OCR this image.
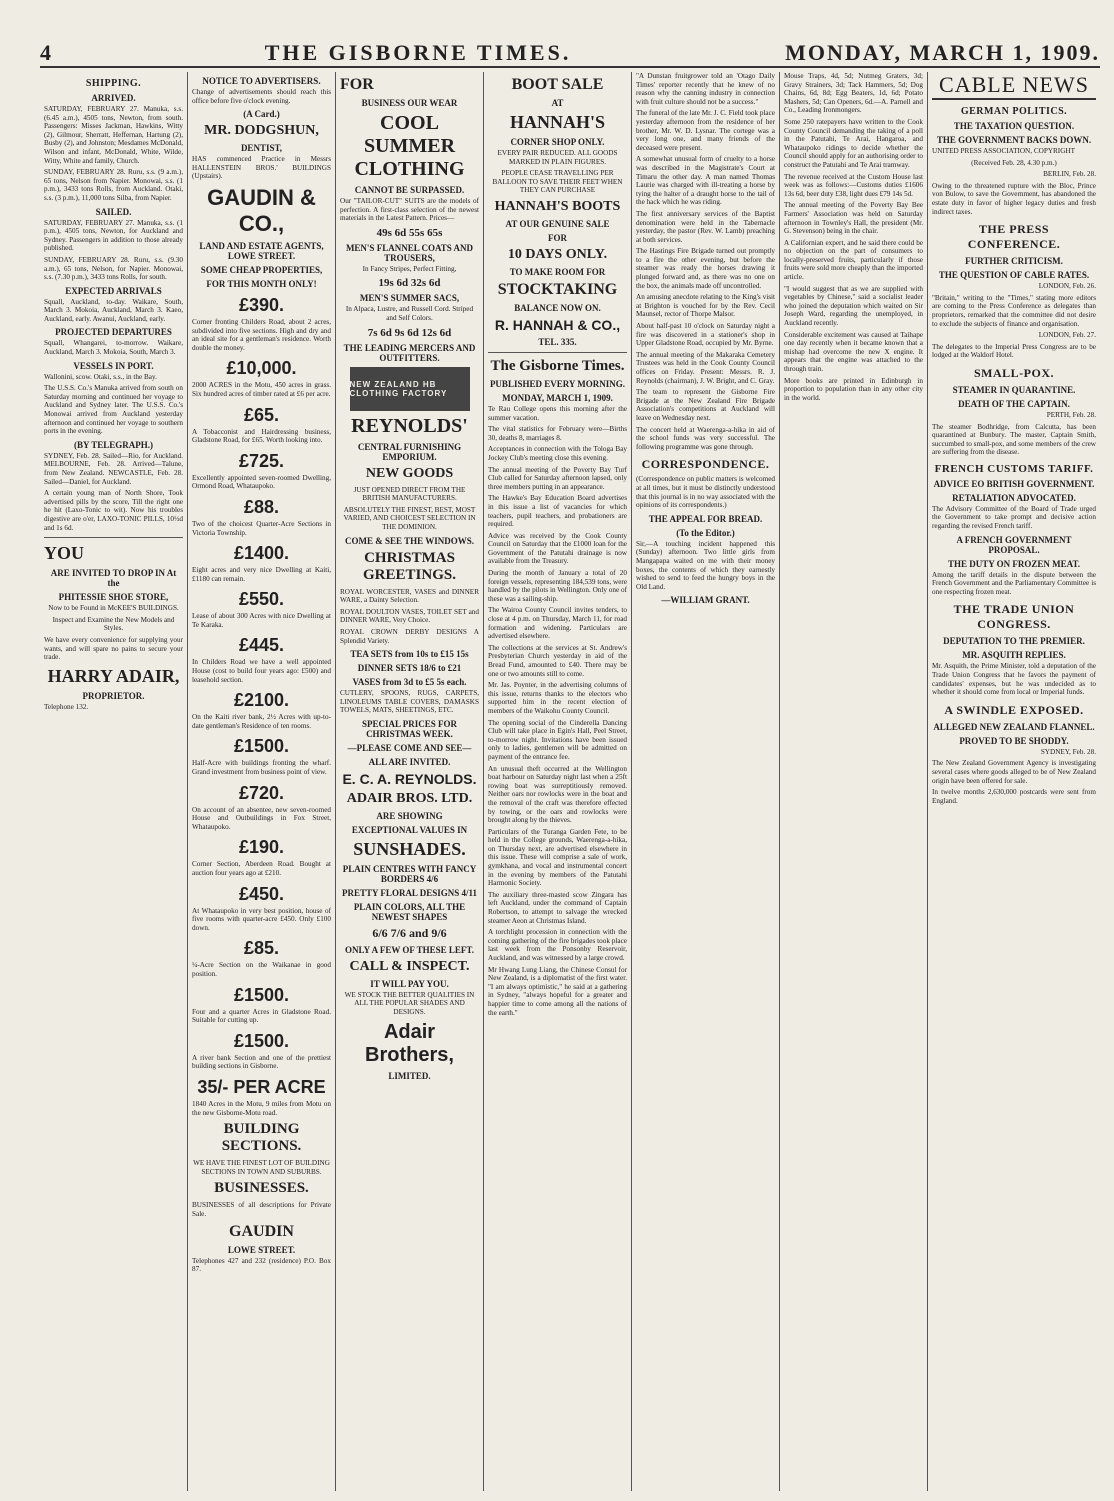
4	THE GISBORNE TIMES.	MONDAY, MARCH 1, 1909.
SHIPPING.
ARRIVED.

SATURDAY, FEBRUARY 27. Manuka, s.s. (6.45 a.m.), 4505 tons, Newton, from south. Passengers: Misses Jackman, Hawkins, Witty (2), Gilmour, Sherratt, Heffernan, Hartung (2), Busby (2), and Johnston; Mesdames McDonald, Wilson and infant, McDonald, White, Wilde, Witty, White and family, Church.

SUNDAY, FEBRUARY 28. Ruru, s.s. (9 a.m.), 65 tons, Nelson from Napier. Monowai, s.s. (1 p.m.), 3433 tons Rolls, from Auckland. Otaki, s.s. (3 p.m.), 11,000 tons Silba, from Napier.

SAILED.

SATURDAY, FEBRUARY 27. Manuka, s.s. (1 p.m.), 4505 tons, Newton, for Auckland and Sydney. Passengers in addition to those already published.

SUNDAY, FEBRUARY 28. Ruru, s.s. (9.30 a.m.), 65 tons, Nelson, for Napier. Monowai, s.s. (7.30 p.m.), 3433 tons Rolls, for south.

EXPECTED ARRIVALS

Squall, Auckland, to-day. Waikare, South, March 3. Mokoia, Auckland, March 3. Kaeo, Auckland, early. Awanui, Auckland, early.

PROJECTED DEPARTURES

Squall, Whangarei, to-morrow. Waikare, Auckland, March 3. Mokoia, South, March 3.

VESSELS IN PORT.

Wallonini, scow. Otaki, s.s., in the Bay.

The U.S.S. Co.'s Manuka arrived from south on Saturday morning and continued her voyage to Auckland and Sydney later. The U.S.S. Co.'s Monowai arrived from Auckland yesterday afternoon and continued her voyage to southern ports in the evening.

(BY TELEGRAPH.)

SYDNEY, Feb. 28. Sailed—Rio, for Auckland. MELBOURNE, Feb. 28. Arrived—Talune, from New Zealand. NEWCASTLE, Feb. 28. Sailed—Daniel, for Auckland.

A certain young man of North Shore, Took advertised pills by the score, Till the right one he hit (Laxo-Tonic to wit). Now his troubles digestive are o'er, LAXO-TONIC PILLS, 10½d and 1s 6d.

YOU
ARE INVITED TO DROP IN At the
PHITESSIE SHOE STORE,

Now to be Found in McKEE'S BUILDINGS.

Inspect and Examine the New Models and Styles.

We have every convenience for supplying your wants, and will spare no pains to secure your trade.

HARRY ADAIR,
PROPRIETOR.

Telephone 132.

NOTICE TO ADVERTISERS.

Change of advertisements should reach this office before five o'clock evening.

(A Card.)
MR. DODGSHUN,
DENTIST,

HAS commenced Practice in Messrs HALLENSTEIN BROS.' BUILDINGS (Upstairs).

GAUDIN & CO.,
LAND AND ESTATE AGENTS, LOWE STREET.
SOME CHEAP PROPERTIES,
FOR THIS MONTH ONLY!
£390.

Corner fronting Childers Road, about 2 acres, subdivided into five sections. High and dry and an ideal site for a gentleman's residence. Worth double the money.

£10,000.

2000 ACRES in the Motu, 450 acres in grass. Six hundred acres of timber rated at £6 per acre.

£65.

A Tobacconist and Hairdressing business, Gladstone Road, for £65. Worth looking into.

£725.

Excellently appointed seven-roomed Dwelling, Ormond Road, Whataupoko.

£88.

Two of the choicest Quarter-Acre Sections in Victoria Township.

£1400.

Eight acres and very nice Dwelling at Kaiti, £1180 can remain.

£550.

Lease of about 300 Acres with nice Dwelling at Te Karaka.

£445.

In Childers Road we have a well appointed House (cost to build four years ago: £500) and leasehold section.

£2100.

On the Kaiti river bank, 2½ Acres with up-to-date gentleman's Residence of ten rooms.

£1500.

Half-Acre with buildings fronting the wharf. Grand investment from business point of view.

£720.

On account of an absentee, new seven-roomed House and Outbuildings in Fox Street, Whataupoko.

£190.

Corner Section, Aberdeen Road. Bought at auction four years ago at £210.

£450.

At Whataupoko in very best position, house of five rooms with quarter-acre £450. Only £100 down.

£85.

¼-Acre Section on the Waikanae in good position.

£1500.

Four and a quarter Acres in Gladstone Road. Suitable for cutting up.

£1500.

A river bank Section and one of the prettiest building sections in Gisborne.

35/- PER ACRE

1840 Acres in the Motu, 9 miles from Motu on the new Gisborne-Motu road.

BUILDING SECTIONS.

WE HAVE THE FINEST LOT OF BUILDING SECTIONS IN TOWN AND SUBURBS.

BUSINESSES.

BUSINESSES of all descriptions for Private Sale.

GAUDIN
LOWE STREET.

Telephones 427 and 232 (residence) P.O. Box 87.

FOR
BUSINESS OUR WEAR
COOL SUMMER CLOTHING
CANNOT BE SURPASSED.

Our "TAILOR-CUT" SUITS are the models of perfection. A first-class selection of the newest materials in the Latest Pattern. Prices—

49s 6d 55s 65s
MEN'S FLANNEL COATS AND TROUSERS,

In Fancy Stripes, Perfect Fitting,

19s 6d 32s 6d
MEN'S SUMMER SACS,

In Alpaca, Lustre, and Russell Cord. Striped and Self Colors.

7s 6d 9s 6d 12s 6d
THE LEADING MERCERS AND OUTFITTERS.
NEW ZEALAND HB CLOTHING FACTORY
REYNOLDS'
CENTRAL FURNISHING EMPORIUM.
NEW GOODS

JUST OPENED DIRECT FROM THE BRITISH MANUFACTURERS.

ABSOLUTELY THE FINEST, BEST, MOST VARIED, AND CHOICEST SELECTION IN THE DOMINION.

COME & SEE THE WINDOWS.
CHRISTMAS GREETINGS.

ROYAL WORCESTER, VASES and DINNER WARE, a Dainty Selection.

ROYAL DOULTON VASES, TOILET SET and DINNER WARE, Very Choice.

ROYAL CROWN DERBY DESIGNS A Splendid Variety.

TEA SETS from 10s to £15 15s
DINNER SETS 18/6 to £21
VASES from 3d to £5 5s each.

CUTLERY, SPOONS, RUGS, CARPETS, LINOLEUMS TABLE COVERS, DAMASKS TOWELS, MATS, SHEETINGS, ETC.

SPECIAL PRICES FOR CHRISTMAS WEEK.
—PLEASE COME AND SEE—
ALL ARE INVITED.
E. C. A. REYNOLDS.
ADAIR BROS. LTD.
ARE SHOWING
EXCEPTIONAL VALUES IN
SUNSHADES.
PLAIN CENTRES WITH FANCY BORDERS 4/6
PRETTY FLORAL DESIGNS 4/11
PLAIN COLORS, ALL THE NEWEST SHAPES
6/6 7/6 and 9/6
ONLY A FEW OF THESE LEFT.
CALL & INSPECT.
IT WILL PAY YOU.

WE STOCK THE BETTER QUALITIES IN ALL THE POPULAR SHADES AND DESIGNS.

Adair Brothers,
LIMITED.
BOOT SALE
AT
HANNAH'S
CORNER SHOP ONLY.

EVERY PAIR REDUCED. ALL GOODS MARKED IN PLAIN FIGURES.

PEOPLE CEASE TRAVELLING PER BALLOON TO SAVE THEIR FEET WHEN THEY CAN PURCHASE

HANNAH'S BOOTS
AT OUR GENUINE SALE
FOR
10 DAYS ONLY.
TO MAKE ROOM FOR
STOCKTAKING
BALANCE NOW ON.
R. HANNAH & CO.,
TEL. 335.
The Gisborne Times.
PUBLISHED EVERY MORNING.
MONDAY, MARCH 1, 1909.

Te Rau College opens this morning after the summer vacation.

The vital statistics for February were—Births 30, deaths 8, marriages 8.

Acceptances in connection with the Tologa Bay Jockey Club's meeting close this evening.

The annual meeting of the Poverty Bay Turf Club called for Saturday afternoon lapsed, only three members putting in an appearance.

The Hawke's Bay Education Board advertises in this issue a list of vacancies for which teachers, pupil teachers, and probationers are required.

Advice was received by the Cook County Council on Saturday that the £1000 loan for the Government of the Patutahi drainage is now available from the Treasury.

During the month of January a total of 20 foreign vessels, representing 184,539 tons, were handled by the pilots in Wellington. Only one of these was a sailing-ship.

The Wairoa County Council invites tenders, to close at 4 p.m. on Thursday, March 11, for road formation and widening. Particulars are advertised elsewhere.

The collections at the services at St. Andrew's Presbyterian Church yesterday in aid of the Bread Fund, amounted to £40. There may be one or two amounts still to come.

Mr. Jas. Poynter, in the advertising columns of this issue, returns thanks to the electors who supported him in the recent election of members of the Waikohu County Council.

The opening social of the Cinderella Dancing Club will take place in Egin's Hall, Peel Street, to-morrow night. Invitations have been issued only to ladies, gentlemen will be admitted on payment of the entrance fee.

An unusual theft occurred at the Wellington boat harbour on Saturday night last when a 25ft rowing boat was surreptitiously removed. Neither oars nor rowlocks were in the boat and the removal of the craft was therefore effected by towing, or the oars and rowlocks were brought along by the thieves.

Particulars of the Turanga Garden Fete, to be held in the College grounds, Waerenga-a-hika, on Thursday next, are advertised elsewhere in this issue. These will comprise a sale of work, gymkhana, and vocal and instrumental concert in the evening by members of the Patutahi Harmonic Society.

The auxiliary three-masted scow Zingara has left Auckland, under the command of Captain Robertson, to attempt to salvage the wrecked steamer Aeon at Christmas Island.

A torchlight procession in connection with the coming gathering of the fire brigades took place last week from the Ponsonby Reservoir, Auckland, and was witnessed by a large crowd.

Mr Hwang Lung Liang, the Chinese Consul for New Zealand, is a diplomatist of the first water. "I am always optimistic," he said at a gathering in Sydney, "always hopeful for a greater and happier time to come among all the nations of the earth."

"A Dunstan fruitgrower told an 'Otago Daily Times' reporter recently that he knew of no reason why the canning industry in connection with fruit culture should not be a success."

The funeral of the late Mr. J. C. Field took place yesterday afternoon from the residence of her brother, Mr. W. D. Lysnar. The cortege was a very long one, and many friends of the deceased were present.

A somewhat unusual form of cruelty to a horse was described in the Magistrate's Court at Timaru the other day. A man named Thomas Laurie was charged with ill-treating a horse by tying the halter of a draught horse to the tail of the hack which he was riding.

The first anniversary services of the Baptist denomination were held in the Tabernacle yesterday, the pastor (Rev. W. Lamb) preaching at both services.

The Hastings Fire Brigade turned out promptly to a fire the other evening, but before the steamer was ready the horses drawing it plunged forward and, as there was no one on the box, the animals made off uncontrolled.

An amusing anecdote relating to the King's visit at Brighton is vouched for by the Rev. Cecil Maunsel, rector of Thorpe Malsor.

About half-past 10 o'clock on Saturday night a fire was discovered in a stationer's shop in Upper Gladstone Road, occupied by Mr. Byrne.

The annual meeting of the Makaraka Cemetery Trustees was held in the Cook County Council offices on Friday. Present: Messrs. R. J. Reynolds (chairman), J. W. Bright, and C. Gray.

The team to represent the Gisborne Fire Brigade at the New Zealand Fire Brigade Association's competitions at Auckland will leave on Wednesday next.

The concert held at Waerenga-a-hika in aid of the school funds was very successful. The following programme was gone through.

CORRESPONDENCE.

(Correspondence on public matters is welcomed at all times, but it must be distinctly understood that this journal is in no way associated with the opinions of its correspondents.)

THE APPEAL FOR BREAD.
(To the Editor.)

Sir,—A touching incident happened this (Sunday) afternoon. Two little girls from Mangapapa waited on me with their money boxes, the contents of which they earnestly wished to send to feed the hungry boys in the Old Land.

—WILLIAM GRANT.

Mouse Traps, 4d, 5d; Nutmeg Graters, 3d; Gravy Strainers, 3d; Tack Hammers, 5d; Dog Chains, 6d, 8d; Egg Beaters, 1d, 6d; Potato Mashers, 5d; Can Openers, 6d.—A. Parnell and Co., Leading Ironmongers.

Some 250 ratepayers have written to the Cook County Council demanding the taking of a poll in the Patutahi, Te Arai, Hangaroa, and Whataupoko ridings to decide whether the Council should apply for an authorising order to construct the Patutahi and Te Arai tramway.

The revenue received at the Custom House last week was as follows:—Customs duties £1606 13s 6d, beer duty £38, light dues £79 14s 5d.

The annual meeting of the Poverty Bay Bee Farmers' Association was held on Saturday afternoon in Townley's Hall, the president (Mr. G. Stevenson) being in the chair.

A Californian expert, and he said there could be no objection on the part of consumers to locally-preserved fruits, particularly if those fruits were sold more cheaply than the imported article.

"I would suggest that as we are supplied with vegetables by Chinese," said a socialist leader who joined the deputation which waited on Sir Joseph Ward, regarding the unemployed, in Auckland recently.

Considerable excitement was caused at Taihape one day recently when it became known that a mishap had overcome the new X engine. It appears that the engine was attached to the through train.

More books are printed in Edinburgh in proportion to population than in any other city in the world.

CABLE NEWS
GERMAN POLITICS.
THE TAXATION QUESTION.
THE GOVERNMENT BACKS DOWN.

UNITED PRESS ASSOCIATION, COPYRIGHT

(Received Feb. 28, 4.30 p.m.)

BERLIN, Feb. 28.

Owing to the threatened rupture with the Bloc, Prince von Bulow, to save the Government, has abandoned the estate duty in favor of higher legacy duties and fresh indirect taxes.

THE PRESS CONFERENCE.
FURTHER CRITICISM.
THE QUESTION OF CABLE RATES.

LONDON, Feb. 26.

"Britain," writing to the "Times," stating more editors are coming to the Press Conference as delegates than proprietors, remarked that the committee did not desire to exclude the subjects of finance and organisation.

LONDON, Feb. 27.

The delegates to the Imperial Press Congress are to be lodged at the Waldorf Hotel.

SMALL-POX.
STEAMER IN QUARANTINE.
DEATH OF THE CAPTAIN.

PERTH, Feb. 28.

The steamer Bodhridge, from Calcutta, has been quarantined at Bunbury. The master, Captain Smith, succumbed to small-pox, and some members of the crew are suffering from the disease.

FRENCH CUSTOMS TARIFF.
ADVICE EO BRITISH GOVERNMENT.
RETALIATION ADVOCATED.

The Advisory Committee of the Board of Trade urged the Government to take prompt and decisive action regarding the revised French tariff.

A FRENCH GOVERNMENT PROPOSAL.
THE DUTY ON FROZEN MEAT.

Among the tariff details in the dispute between the French Government and the Parliamentary Committee is one respecting frozen meat.

THE TRADE UNION CONGRESS.
DEPUTATION TO THE PREMIER.
MR. ASQUITH REPLIES.

Mr. Asquith, the Prime Minister, told a deputation of the Trade Union Congress that he favors the payment of candidates' expenses, but he was undecided as to whether it should come from local or Imperial funds.

A SWINDLE EXPOSED.
ALLEGED NEW ZEALAND FLANNEL.
PROVED TO BE SHODDY.

SYDNEY, Feb. 28.

The New Zealand Government Agency is investigating several cases where goods alleged to be of New Zealand origin have been offered for sale.

In twelve months 2,630,000 postcards were sent from England.
